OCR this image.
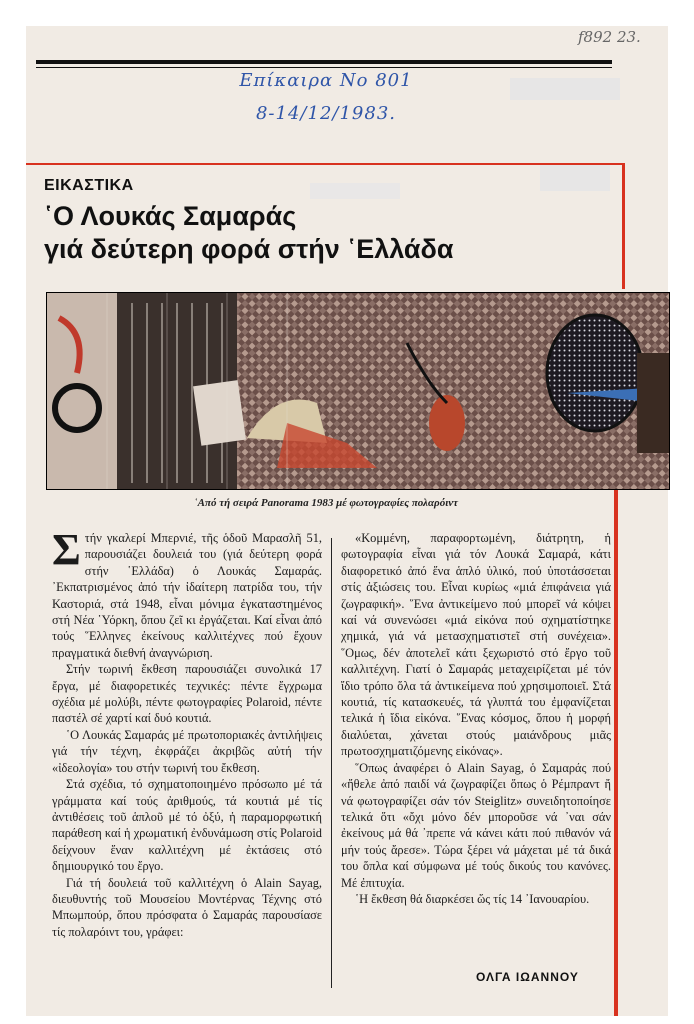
f892 23.
Επίκαιρα Νο 801
8-14/12/1983.
ΕΙΚΑΣΤΙΚΑ
῾Ο Λουκάς Σαμαράς
γιά δεύτερη φορά στήν ῾Ελλάδα
῾Από τή σειρά Panorama 1983 μέ φωτογραφίες πολαρόιντ

Στήν γκαλερί Μπερνιέ, τῆς ὁδοῦ Μαρασλῆ 51, παρουσιάζει δουλειά του (γιά δεύτερη φορά στήν ῾Ελλάδα) ὁ Λουκάς Σαμαράς. ᾿Εκπατρισμένος ἀπό τήν ἰδαίτερη πατρίδα του, τήν Καστοριά, στά 1948, εἶναι μόνιμα ἐγκαταστημένος στή Νέα ῾Υόρκη, ὅπου ζεῖ κι ἐργάζεται. Καί εἶναι ἀπό τούς ῞Ελληνες ἐκείνους καλλιτέχνες πού ἔχουν πραγματικά διεθνή ἀναγνώριση.

Στήν τωρινή ἔκθεση παρουσιάζει συνολικά 17 ἔργα, μέ διαφορετικές τεχνικές: πέντε ἔγχρωμα σχέδια μέ μολύβι, πέντε φωτογραφίες Polaroid, πέντε παστέλ σέ χαρτί καί δυό κουτιά.

῾Ο Λουκάς Σαμαράς μέ πρωτοποριακές ἀντιλήψεις γιά τήν τέχνη, ἐκφράζει ἀκριβῶς αὐτή τήν «ἰδεολογία» του στήν τωρινή του ἔκθεση.

Στά σχέδια, τό σχηματοποιημένο πρόσωπο μέ τά γράμματα καί τούς ἀριθμούς, τά κουτιά μέ τίς ἀντιθέσεις τοῦ ἁπλοῦ μέ τό ὀξύ, ἡ παραμορφωτική παράθεση καί ἡ χρωματική ἐνδυνάμωση στίς Polaroid δείχνουν ἕναν καλλιτέχνη μέ ἐκτάσεις στό δημιουργικό του ἔργο.

Γιά τή δουλειά τοῦ καλλιτέχνη ὁ Alain Sayag, διευθυντής τοῦ Μουσείου Μοντέρνας Τέχνης στό Μπωμπούρ, ὅπου πρόσφατα ὁ Σαμαράς παρουσίασε τίς πολαρόιντ του, γράφει:

«Κομμένη, παραφορτωμένη, διάτρητη, ἡ φωτογραφία εἶναι γιά τόν Λουκά Σαμαρά, κάτι διαφορετικό ἀπό ἕνα ἁπλό ὑλικό, πού ὑποτάσσεται στίς ἀξιώσεις του. Εἶναι κυρίως «μιά ἐπιφάνεια γιά ζωγραφική». ῞Ενα ἀντικείμενο πού μπορεῖ νά κόψει καί νά συνενώσει «μιά εἰκόνα πού σχηματίστηκε χημικά, γιά νά μετασχηματιστεῖ στή συνέχεια». ῞Ομως, δέν ἀποτελεῖ κάτι ξεχωριστό στό ἔργο τοῦ καλλιτέχνη. Γιατί ὁ Σαμαράς μεταχειρίζεται μέ τόν ἴδιο τρόπο ὅλα τά ἀντικείμενα πού χρησιμοποιεῖ. Στά κουτιά, τίς κατασκευές, τά γλυπτά του ἐμφανίζεται τελικά ἡ ἴδια εἰκόνα. ῞Ενας κόσμος, ὅπου ἡ μορφή διαλύεται, χάνεται στούς μαιάνδρους μιᾶς πρωτοσχηματιζόμενης εἰκόνας».

῞Οπως ἀναφέρει ὁ Alain Sayag, ὁ Σαμαράς πού «ἤθελε ἀπό παιδί νά ζωγραφίζει ὅπως ὁ Ρέμπραντ ἤ νά φωτογραφίζει σάν τόν Steiglitz» συνειδητοποίησε τελικά ὅτι «ὄχι μόνο δέν μποροῦσε νά ᾿ναι σάν ἐκείνους μά θά ᾿πρεπε νά κάνει κάτι πού πιθανόν νά μήν τούς ἄρεσε». Τώρα ξέρει νά μάχεται μέ τά δικά του ὅπλα καί σύμφωνα μέ τούς δικούς του κανόνες. Μέ ἐπιτυχία.

῾Η ἔκθεση θά διαρκέσει ὥς τίς 14 ᾿Ιανουαρίου.

ΟΛΓΑ ΙΩΑΝΝΟΥ
